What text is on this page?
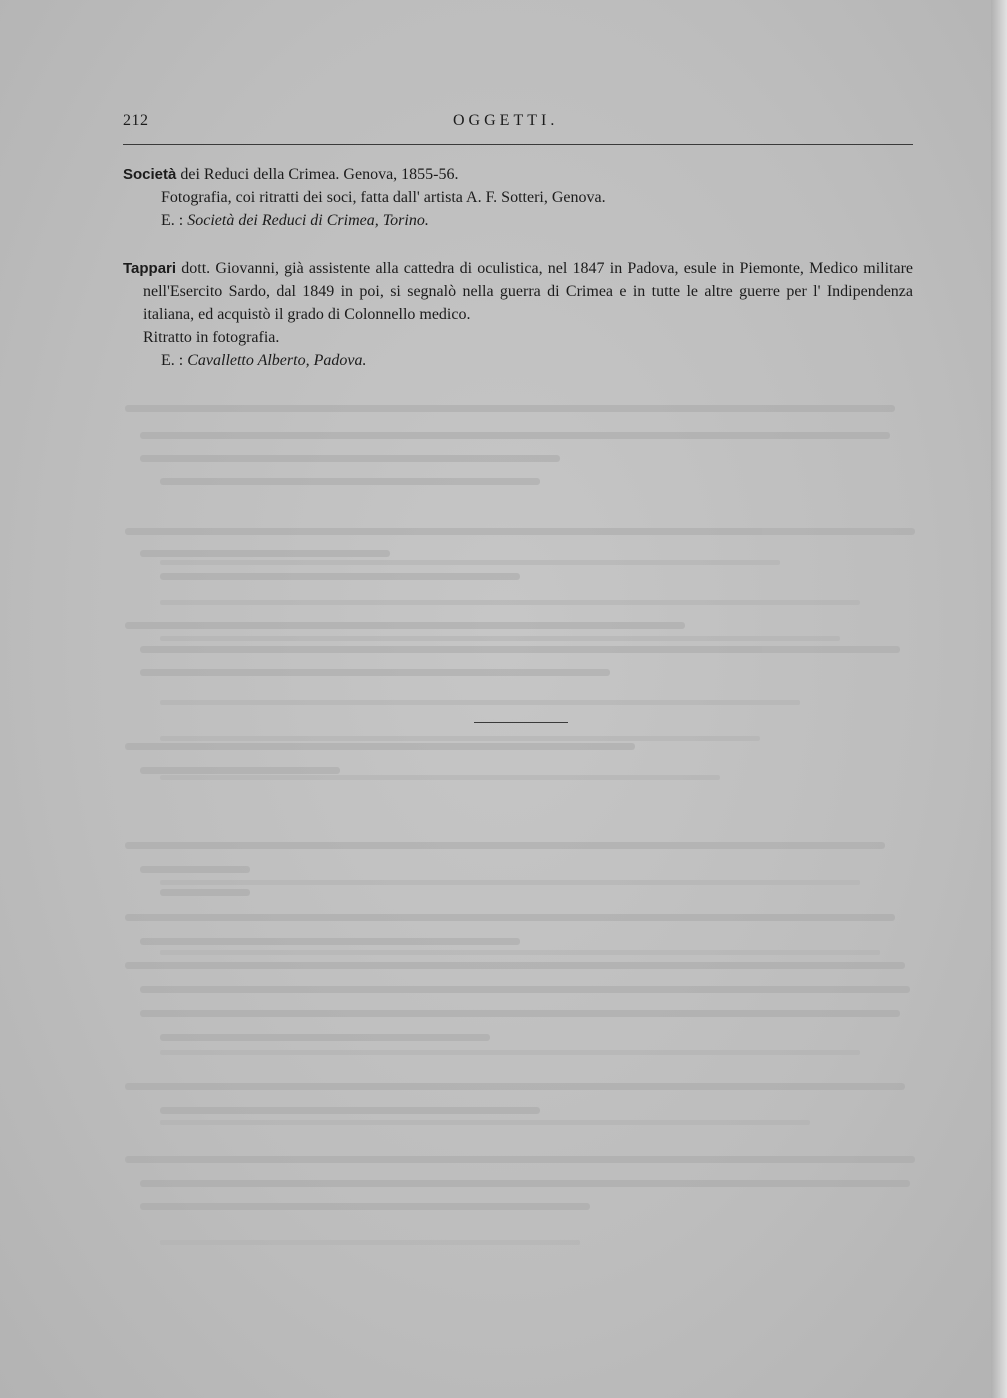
212	OGGETTI.

Società dei Reduci della Crimea. Genova, 1855-56.

Fotografia, coi ritratti dei soci, fatta dall' artista A. F. Sotteri, Genova.

E. : Società dei Reduci di Crimea, Torino.

Tappari dott. Giovanni, già assistente alla cattedra di oculistica, nel 1847 in Padova, esule in Piemonte, Medico militare nell'Esercito Sardo, dal 1849 in poi, si segnalò nella guerra di Crimea e in tutte le altre guerre per l' Indipendenza italiana, ed acquistò il grado di Colonnello medico.

Ritratto in fotografia.

E. : Cavalletto Alberto, Padova.
